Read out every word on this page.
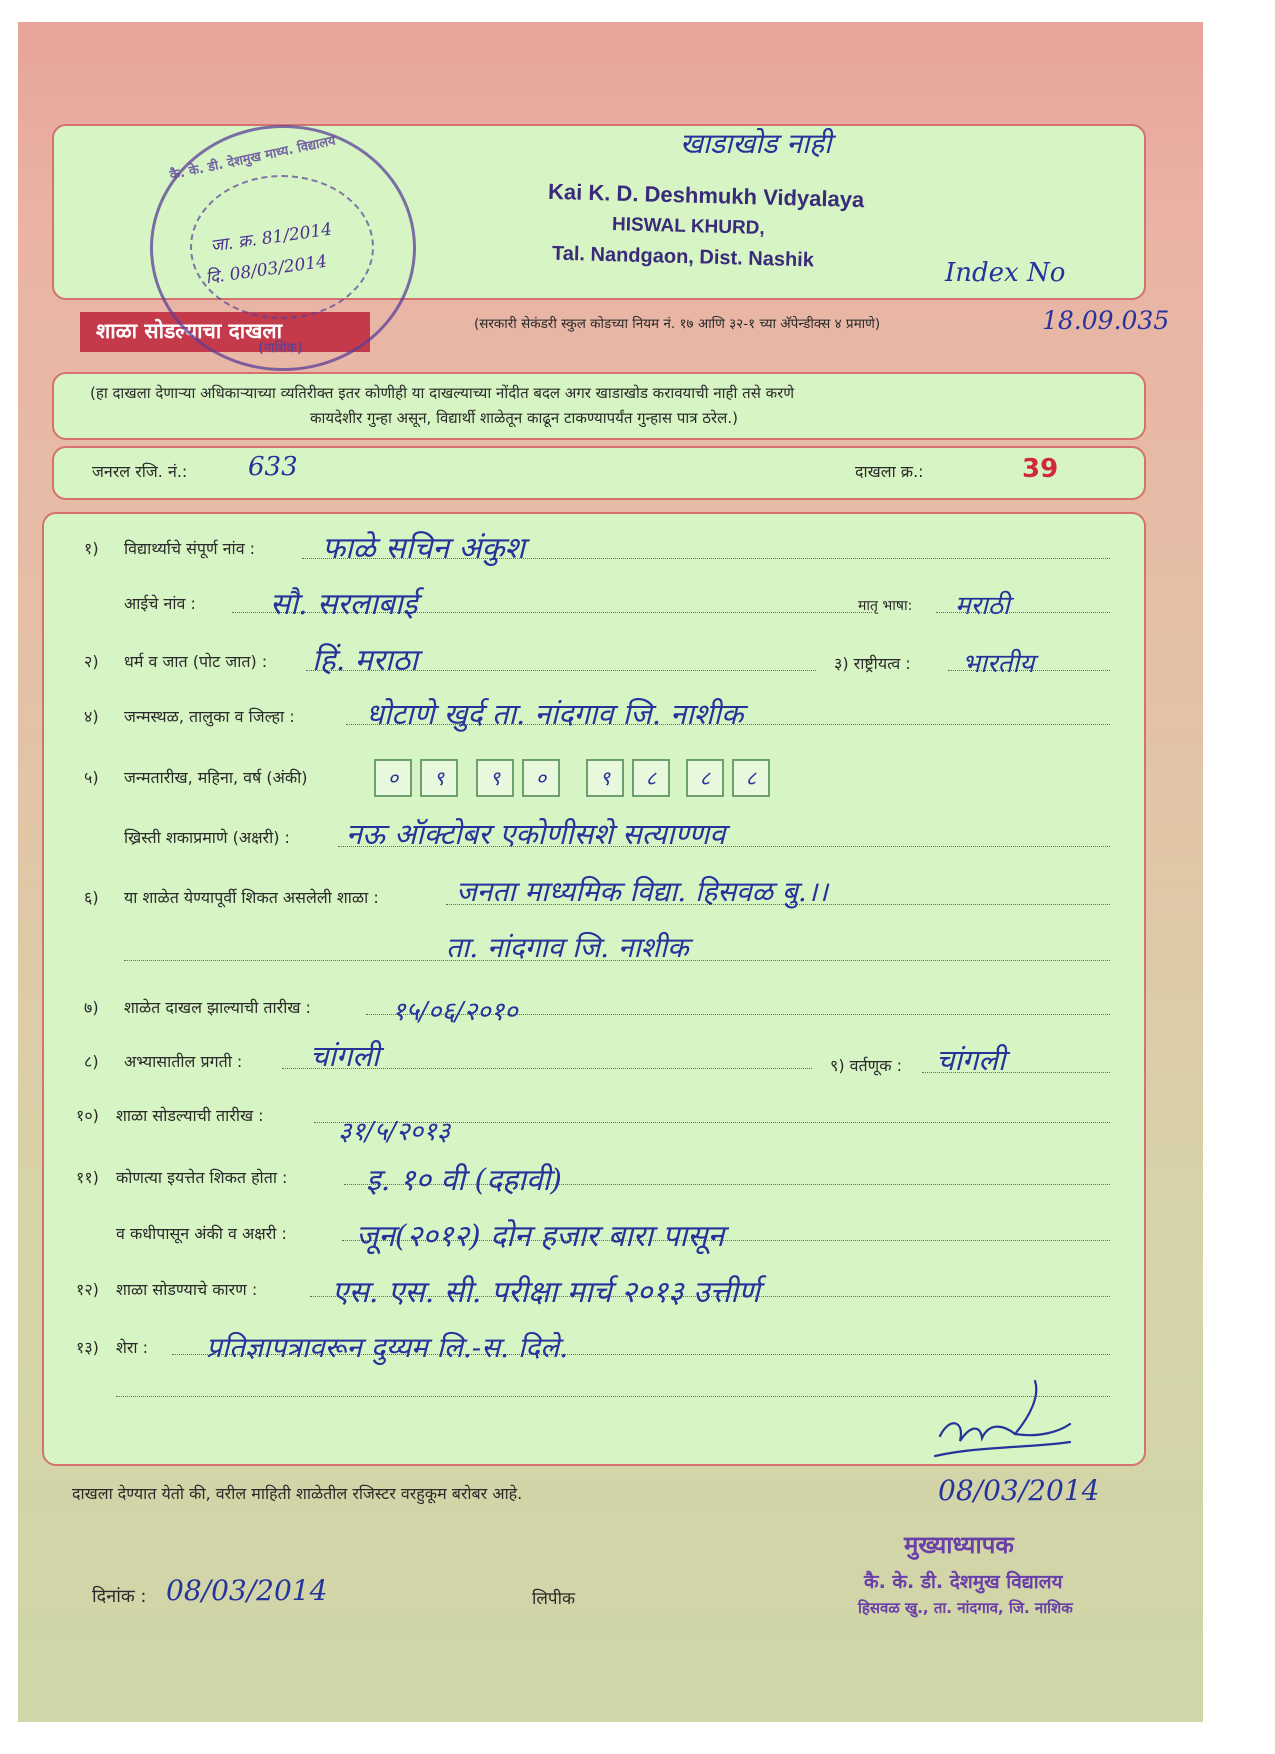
खाडाखोड नाही
Kai K. D. Deshmukh Vidyalaya
HISWAL KHURD,
Tal. Nandgaon, Dist. Nashik
Index No
शाळा सोडल्याचा दाखला	(सरकारी सेकंडरी स्कुल कोडच्या नियम नं. १७ आणि ३२-१ च्या अ‍ॅपेन्डीक्स ४ प्रमाणे)	18.09.035
कै. के. डी. देशमुख माध्य. विद्यालय
जा. क्र. 81/2014
दि. 08/03/2014
(नाशिक)
(हा दाखला देणाऱ्या अधिकाऱ्याच्या व्यतिरीक्त इतर कोणीही या दाखल्याच्या नोंदीत बदल अगर खाडाखोड करावयाची नाही तसे करणे
कायदेशीर गुन्हा असून, विद्यार्थी शाळेतून काढून टाकण्यापर्यंत गुन्हास पात्र ठरेल.)
जनरल रजि. नं.: 633	दाखला क्र.:	39
१) विद्यार्थ्याचे संपूर्ण नांव : फाळे सचिन अंकुश
आईचे नांव : सौ. सरलाबाई	मातृ भाषा: मराठी
२) धर्म व जात (पोट जात) : हिं. मराठा	३) राष्ट्रीयत्व : भारतीय
४) जन्मस्थळ, तालुका व जिल्हा : धोटाणे खुर्द ता. नांदगाव जि. नाशीक
५) जन्मतारीख, महिना, वर्ष (अंकी)	०	९	९	०	९	८	८	८
ख्रिस्ती शकाप्रमाणे (अक्षरी) : नऊ ऑक्टोबर एकोणीसशे सत्याण्णव
६) या शाळेत येण्यापूर्वी शिकत असलेली शाळा :	जनता माध्यमिक विद्या. हिसवळ बु.।।
ता. नांदगाव जि. नाशीक
७) शाळेत दाखल झाल्याची तारीख :	१५/०६/२०१०
८) अभ्यासातील प्रगती : चांगली	९) वर्तणूक : चांगली
१०) शाळा सोडल्याची तारीख :
३१/५/२०१३
११) कोणत्या इयत्तेत शिकत होता :	इ. १० वी (दहावी)
व कधीपासून अंकी व अक्षरी : जून(२०१२) दोन हजार बारा पासून
१२) शाळा सोडण्याचे कारण : एस. एस. सी. परीक्षा मार्च २०१३ उत्तीर्ण
१३) शेरा : प्रतिज्ञापत्रावरून दुय्यम लि.-स. दिले.
08/03/2014
दाखला देण्यात येतो की, वरील माहिती शाळेतील रजिस्टर वरहुकूम बरोबर आहे.
दिनांक : 08/03/2014	लिपीक
मुख्याध्यापक
कै. के. डी. देशमुख विद्यालय
हिसवळ खु., ता. नांदगाव, जि. नाशिक
